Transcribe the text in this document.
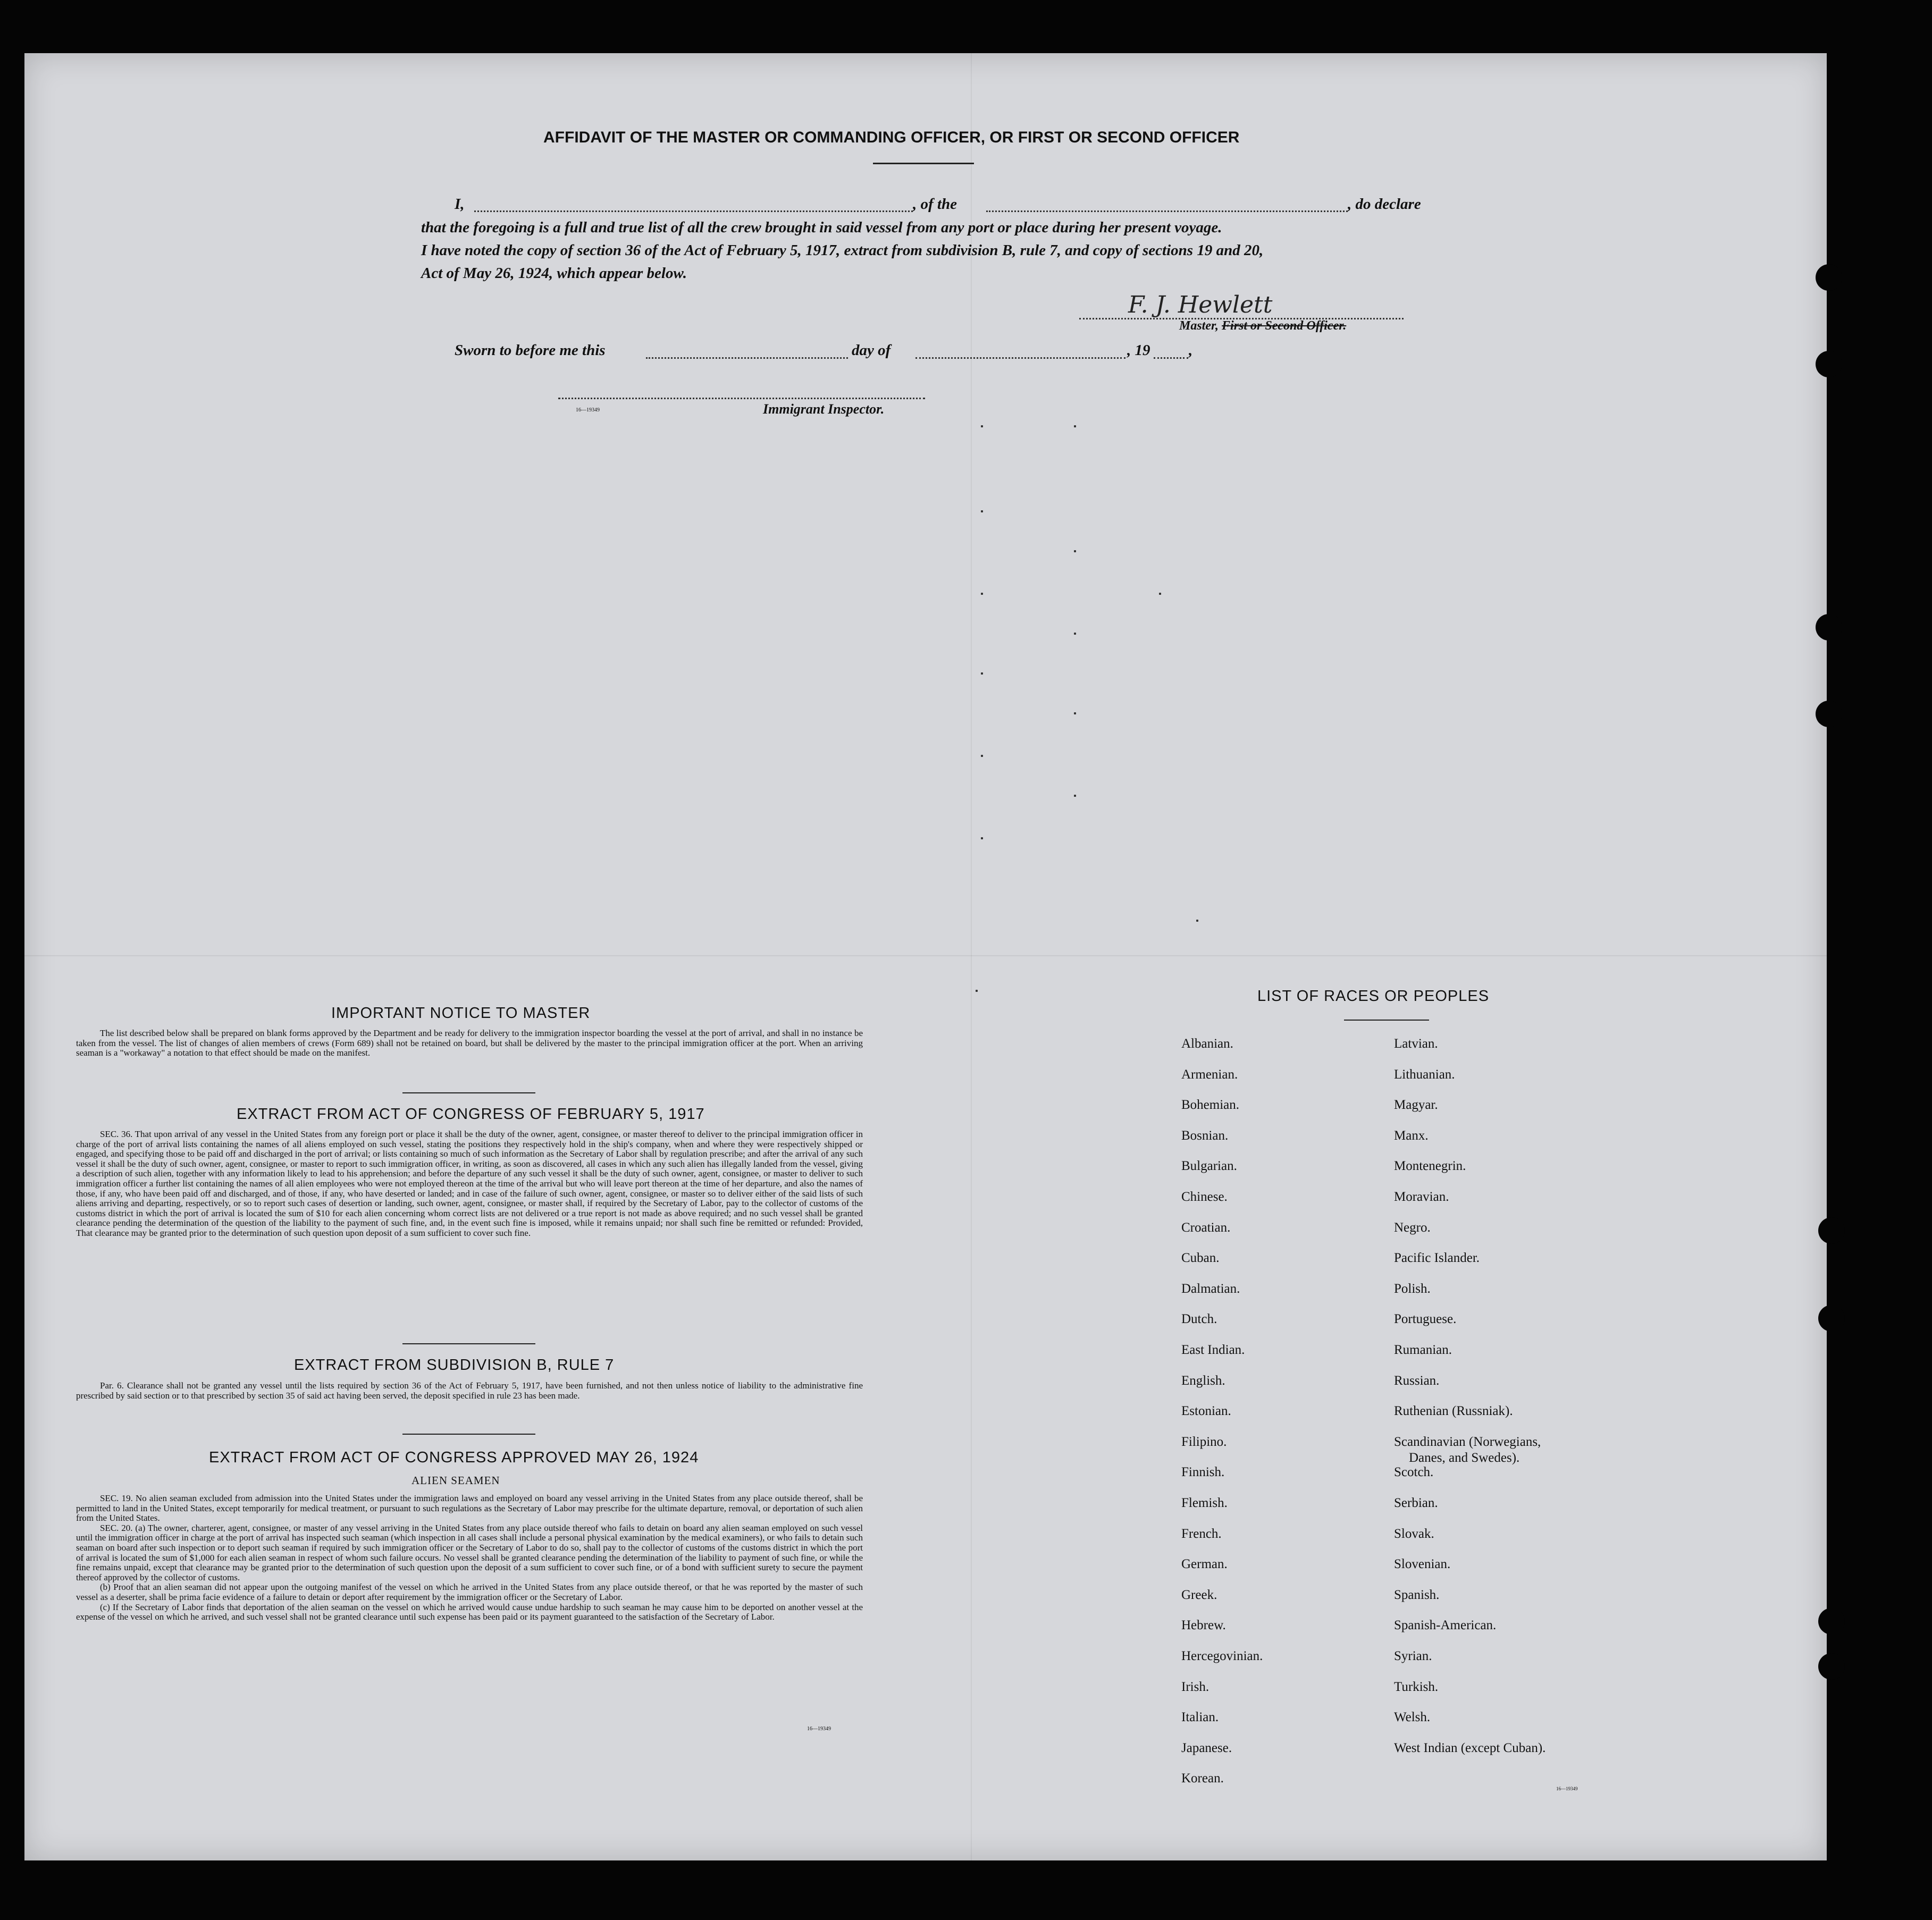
AFFIDAVIT OF THE MASTER OR COMMANDING OFFICER, OR FIRST OR SECOND OFFICER
I,	, of the	, do declare
that the foregoing is a full and true list of all the crew brought in said vessel from any port or place during her present voyage.
I have noted the copy of section 36 of the Act of February 5, 1917, extract from subdivision B, rule 7, and copy of sections 19 and 20,
Act of May 26, 1924, which appear below.
F. J. Hewlett
Master, First or Second Officer.
Sworn to before me this	day of	, 19	,
16—19349	Immigrant Inspector.
IMPORTANT NOTICE TO MASTER

The list described below shall be prepared on blank forms approved by the Department and be ready for delivery to the immigration inspector boarding the vessel at the port of arrival, and shall in no instance be taken from the vessel. The list of changes of alien members of crews (Form 689) shall not be retained on board, but shall be delivered by the master to the principal immigration officer at the port. When an arriving seaman is a "workaway" a notation to that effect should be made on the manifest.

EXTRACT FROM ACT OF CONGRESS OF FEBRUARY 5, 1917

SEC. 36. That upon arrival of any vessel in the United States from any foreign port or place it shall be the duty of the owner, agent, consignee, or master thereof to deliver to the principal immigration officer in charge of the port of arrival lists containing the names of all aliens employed on such vessel, stating the positions they respectively hold in the ship's company, when and where they were respectively shipped or engaged, and specifying those to be paid off and discharged in the port of arrival; or lists containing so much of such information as the Secretary of Labor shall by regulation prescribe; and after the arrival of any such vessel it shall be the duty of such owner, agent, consignee, or master to report to such immigration officer, in writing, as soon as discovered, all cases in which any such alien has illegally landed from the vessel, giving a description of such alien, together with any information likely to lead to his apprehension; and before the departure of any such vessel it shall be the duty of such owner, agent, consignee, or master to deliver to such immigration officer a further list containing the names of all alien employees who were not employed thereon at the time of the arrival but who will leave port thereon at the time of her departure, and also the names of those, if any, who have been paid off and discharged, and of those, if any, who have deserted or landed; and in case of the failure of such owner, agent, consignee, or master so to deliver either of the said lists of such aliens arriving and departing, respectively, or so to report such cases of desertion or landing, such owner, agent, consignee, or master shall, if required by the Secretary of Labor, pay to the collector of customs of the customs district in which the port of arrival is located the sum of $10 for each alien concerning whom correct lists are not delivered or a true report is not made as above required; and no such vessel shall be granted clearance pending the determination of the question of the liability to the payment of such fine, and, in the event such fine is imposed, while it remains unpaid; nor shall such fine be remitted or refunded: Provided, That clearance may be granted prior to the determination of such question upon deposit of a sum sufficient to cover such fine.

EXTRACT FROM SUBDIVISION B, RULE 7

Par. 6. Clearance shall not be granted any vessel until the lists required by section 36 of the Act of February 5, 1917, have been furnished, and not then unless notice of liability to the administrative fine prescribed by said section or to that prescribed by section 35 of said act having been served, the deposit specified in rule 23 has been made.

EXTRACT FROM ACT OF CONGRESS APPROVED MAY 26, 1924
ALIEN SEAMEN

SEC. 19. No alien seaman excluded from admission into the United States under the immigration laws and employed on board any vessel arriving in the United States from any place outside thereof, shall be permitted to land in the United States, except temporarily for medical treatment, or pursuant to such regulations as the Secretary of Labor may prescribe for the ultimate departure, removal, or deportation of such alien from the United States.

SEC. 20. (a) The owner, charterer, agent, consignee, or master of any vessel arriving in the United States from any place outside thereof who fails to detain on board any alien seaman employed on such vessel until the immigration officer in charge at the port of arrival has inspected such seaman (which inspection in all cases shall include a personal physical examination by the medical examiners), or who fails to detain such seaman on board after such inspection or to deport such seaman if required by such immigration officer or the Secretary of Labor to do so, shall pay to the collector of customs of the customs district in which the port of arrival is located the sum of $1,000 for each alien seaman in respect of whom such failure occurs. No vessel shall be granted clearance pending the determination of the liability to payment of such fine, or while the fine remains unpaid, except that clearance may be granted prior to the determination of such question upon the deposit of a sum sufficient to cover such fine, or of a bond with sufficient surety to secure the payment thereof approved by the collector of customs.

(b) Proof that an alien seaman did not appear upon the outgoing manifest of the vessel on which he arrived in the United States from any place outside thereof, or that he was reported by the master of such vessel as a deserter, shall be prima facie evidence of a failure to detain or deport after requirement by the immigration officer or the Secretary of Labor.

(c) If the Secretary of Labor finds that deportation of the alien seaman on the vessel on which he arrived would cause undue hardship to such seaman he may cause him to be deported on another vessel at the expense of the vessel on which he arrived, and such vessel shall not be granted clearance until such expense has been paid or its payment guaranteed to the satisfaction of the Secretary of Labor.

16—19349
LIST OF RACES OR PEOPLES
Albanian.
Armenian.
Bohemian.
Bosnian.
Bulgarian.
Chinese.
Croatian.
Cuban.
Dalmatian.
Dutch.
East Indian.
English.
Estonian.
Filipino.
Finnish.
Flemish.
French.
German.
Greek.
Hebrew.
Hercegovinian.
Irish.
Italian.
Japanese.
Korean.
Latvian.
Lithuanian.
Magyar.
Manx.
Montenegrin.
Moravian.
Negro.
Pacific Islander.
Polish.
Portuguese.
Rumanian.
Russian.
Ruthenian (Russniak).
Scandinavian (Norwegians,
Danes, and Swedes).
Scotch.
Serbian.
Slovak.
Slovenian.
Spanish.
Spanish-American.
Syrian.
Turkish.
Welsh.
West Indian (except Cuban).
16—19349
